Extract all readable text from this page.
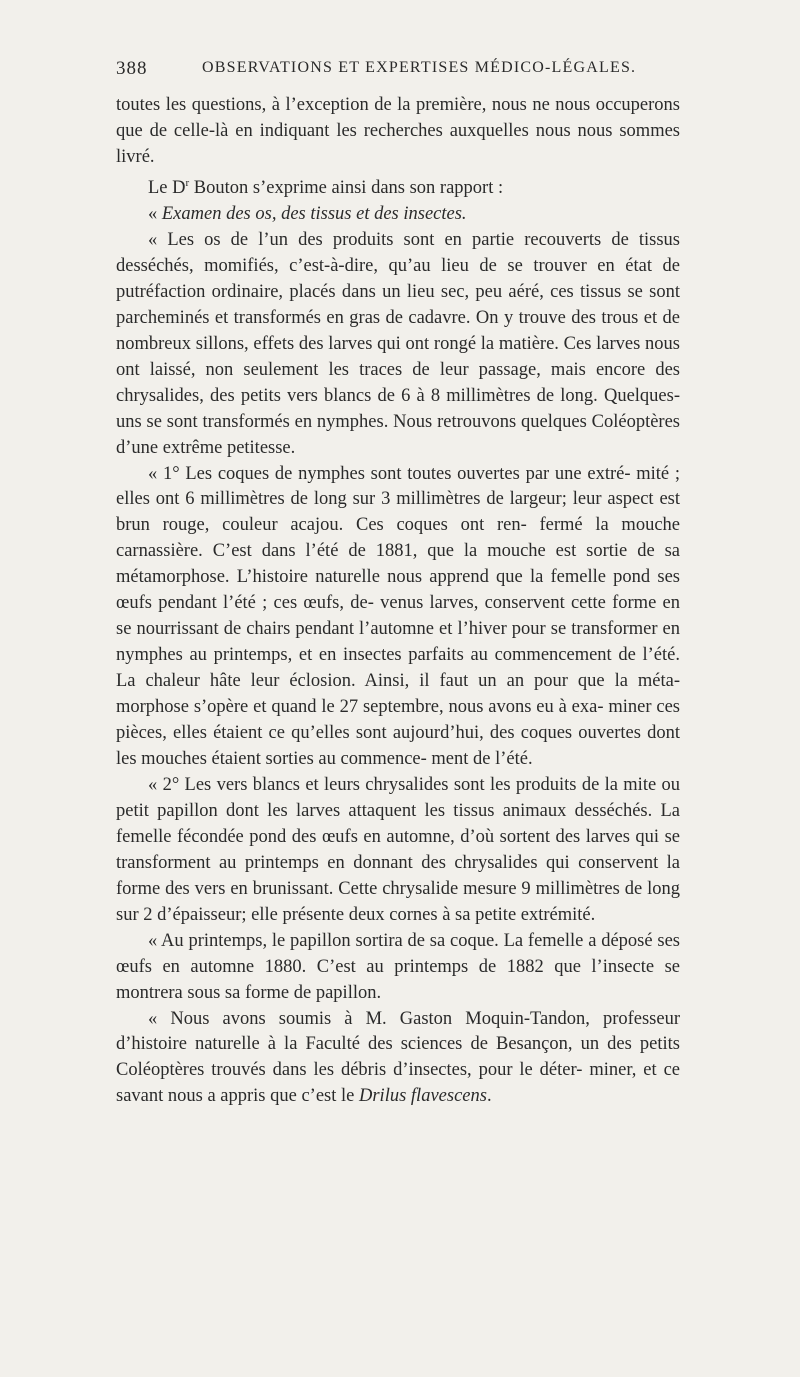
388	OBSERVATIONS ET EXPERTISES MÉDICO-LÉGALES.

toutes les questions, à l’exception de la première, nous ne nous occuperons que de celle-là en indiquant les recherches auxquelles nous nous sommes livré.

Le $D^r$ Bouton s’exprime ainsi dans son rapport :

« Examen des os, des tissus et des insectes.

« Les os de l’un des produits sont en partie recouverts de tissus desséchés, momifiés, c’est-à-dire, qu’au lieu de se trouver en état de putréfaction ordinaire, placés dans un lieu sec, peu aéré, ces tissus se sont parcheminés et transformés en gras de cadavre. On y trouve des trous et de nombreux sillons, effets des larves qui ont rongé la matière. Ces larves nous ont laissé, non seulement les traces de leur passage, mais encore des chrysalides, des petits vers blancs de 6 à 8 millimètres de long. Quelques-uns se sont transformés en nymphes. Nous retrouvons quelques Coléoptères d’une extrême petitesse.

« 1° Les coques de nymphes sont toutes ouvertes par une extré- mité ; elles ont 6 millimètres de long sur 3 millimètres de largeur; leur aspect est brun rouge, couleur acajou. Ces coques ont ren- fermé la mouche carnassière. C’est dans l’été de 1881, que la mouche est sortie de sa métamorphose. L’histoire naturelle nous apprend que la femelle pond ses œufs pendant l’été ; ces œufs, de- venus larves, conservent cette forme en se nourrissant de chairs pendant l’automne et l’hiver pour se transformer en nymphes au printemps, et en insectes parfaits au commencement de l’été. La chaleur hâte leur éclosion. Ainsi, il faut un an pour que la méta- morphose s’opère et quand le 27 septembre, nous avons eu à exa- miner ces pièces, elles étaient ce qu’elles sont aujourd’hui, des coques ouvertes dont les mouches étaient sorties au commence- ment de l’été.

« 2° Les vers blancs et leurs chrysalides sont les produits de la mite ou petit papillon dont les larves attaquent les tissus animaux desséchés. La femelle fécondée pond des œufs en automne, d’où sortent des larves qui se transforment au printemps en donnant des chrysalides qui conservent la forme des vers en brunissant. Cette chrysalide mesure 9 millimètres de long sur 2 d’épaisseur; elle présente deux cornes à sa petite extrémité.

« Au printemps, le papillon sortira de sa coque. La femelle a déposé ses œufs en automne 1880. C’est au printemps de 1882 que l’insecte se montrera sous sa forme de papillon.

« Nous avons soumis à M. Gaston Moquin-Tandon, professeur d’histoire naturelle à la Faculté des sciences de Besançon, un des petits Coléoptères trouvés dans les débris d’insectes, pour le déter- miner, et ce savant nous a appris que c’est le Drilus flavescens.
